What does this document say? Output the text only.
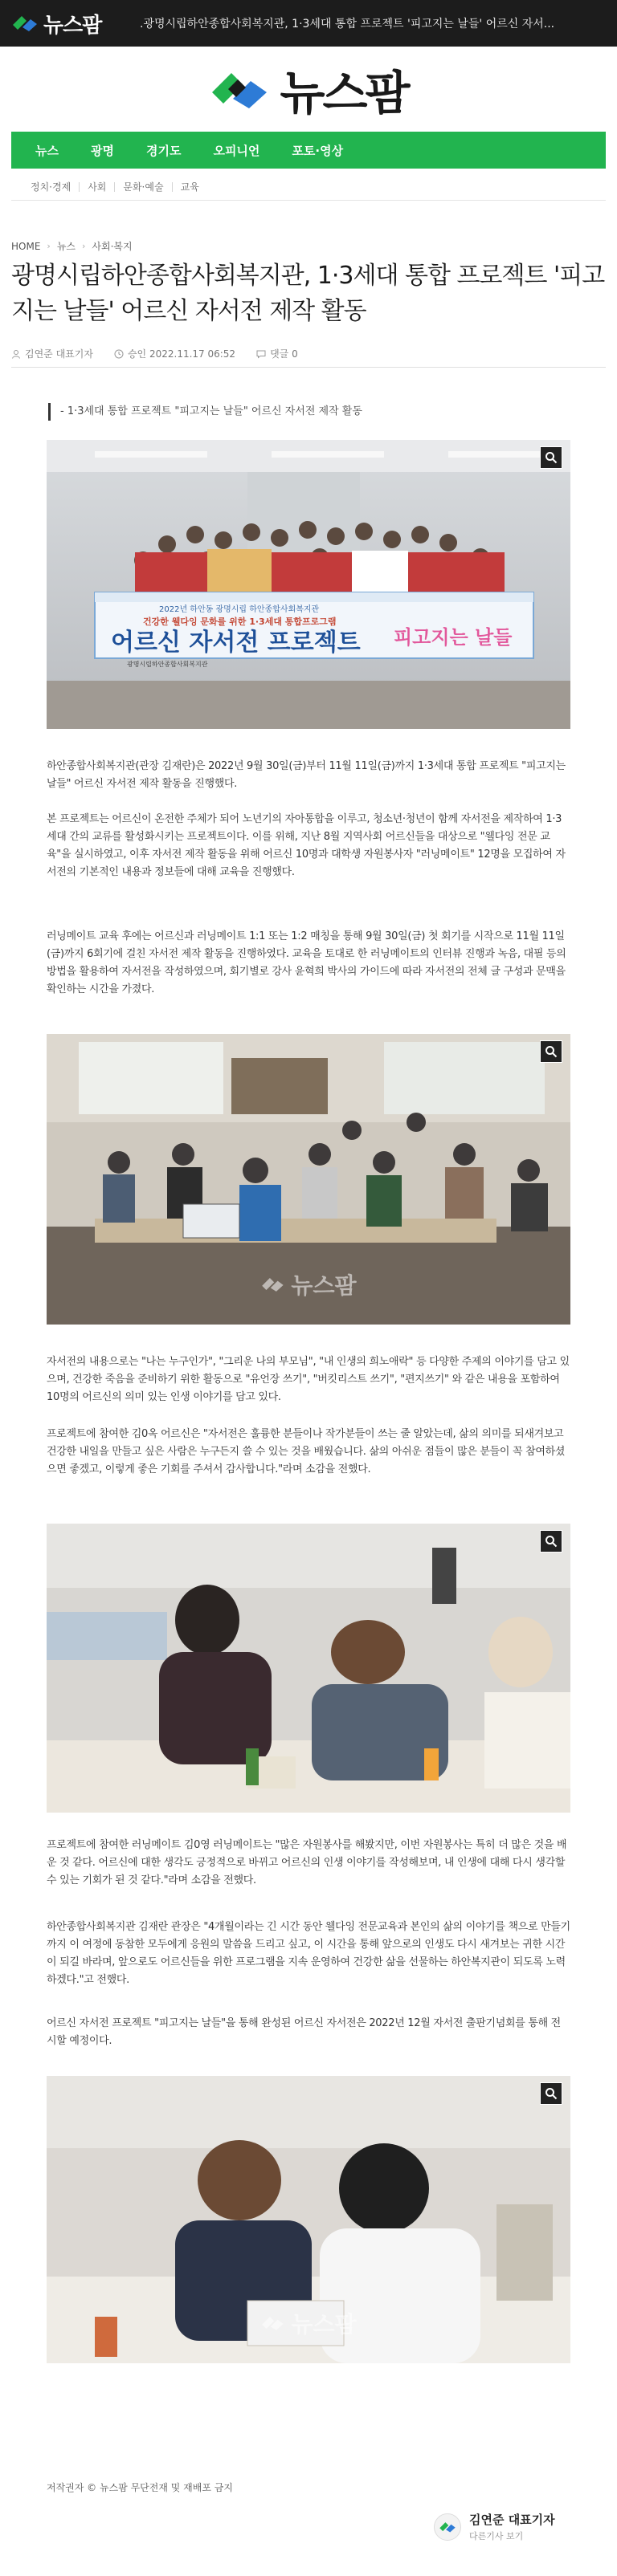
뉴스팜	.광명시립하안종합사회복지관, 1·3세대 통합 프로젝트 '피고지는 날들' 어르신 자서...
뉴스팜
뉴스	광명	경기도	오피니언	포토·영상
정치·경제	사회	문화·예술	교육
HOME › 뉴스 › 사회·복지
광명시립하안종합사회복지관, 1·3세대 통합 프로젝트 '피고지는 날들' 어르신 자서전 제작 활동
김연준 대표기자	승인 2022.11.17 06:52	댓글 0
- 1·3세대 통합 프로젝트 "피고지는 날들" 어르신 자서전 제작 활동
2022년 하안동 광명시립 하안종합사회복지관
건강한 웰다잉 문화를 위한 1·3세대 통합프로그램
어르신 자서전 프로젝트 피고지는 날들
광명시립하안종합사회복지관
하안종합사회복지관(관장 김재란)은 2022년 9월 30일(금)부터 11월 11일(금)까지 1·3세대 통합 프로젝트 "피고지는 날들" 어르신 자서전 제작 활동을 진행했다.
본 프로젝트는 어르신이 온전한 주체가 되어 노년기의 자아통합을 이루고, 청소년·청년이 함께 자서전을 제작하여 1·3세대 간의 교류를 활성화시키는 프로젝트이다. 이를 위해, 지난 8월 지역사회 어르신들을 대상으로 "웰다잉 전문 교육"을 실시하였고, 이후 자서전 제작 활동을 위해 어르신 10명과 대학생 자원봉사자 "러닝메이트" 12명을 모집하여 자서전의 기본적인 내용과 정보들에 대해 교육을 진행했다.
러닝메이트 교육 후에는 어르신과 러닝메이트 1:1 또는 1:2 매칭을 통해 9월 30일(금) 첫 회기를 시작으로 11월 11일(금)까지 6회기에 걸친 자서전 제작 활동을 진행하였다. 교육을 토대로 한 러닝메이트의 인터뷰 진행과 녹음, 대필 등의 방법을 활용하여 자서전을 작성하였으며, 회기별로 강사 윤혁희 박사의 가이드에 따라 자서전의 전체 글 구성과 문맥을 확인하는 시간을 가졌다.
뉴스팜
자서전의 내용으로는 "나는 누구인가", "그리운 나의 부모님", "내 인생의 희노애락" 등 다양한 주제의 이야기를 담고 있으며, 건강한 죽음을 준비하기 위한 활동으로 "유언장 쓰기", "버킷리스트 쓰기", "편지쓰기" 와 같은 내용을 포함하여 10명의 어르신의 의미 있는 인생 이야기를 담고 있다.
프로젝트에 참여한 김0옥 어르신은 "자서전은 훌륭한 분들이나 작가분들이 쓰는 줄 알았는데, 삶의 의미를 되새겨보고 건강한 내일을 만들고 싶은 사람은 누구든지 쓸 수 있는 것을 배웠습니다. 삶의 아쉬운 점들이 많은 분들이 꼭 참여하셨으면 좋겠고, 이렇게 좋은 기회를 주셔서 감사합니다."라며 소감을 전했다.
프로젝트에 참여한 러닝메이트 김0영 러닝메이트는 "많은 자원봉사를 해봤지만, 이번 자원봉사는 특히 더 많은 것을 배운 것 같다. 어르신에 대한 생각도 긍정적으로 바뀌고 어르신의 인생 이야기를 작성해보며, 내 인생에 대해 다시 생각할 수 있는 기회가 된 것 같다."라며 소감을 전했다.
하안종합사회복지관 김재란 관장은 "4개월이라는 긴 시간 동안 웰다잉 전문교육과 본인의 삶의 이야기를 책으로 만들기까지 이 여정에 동참한 모두에게 응원의 말씀을 드리고 싶고, 이 시간을 통해 앞으로의 인생도 다시 새겨보는 귀한 시간이 되길 바라며, 앞으로도 어르신들을 위한 프로그램을 지속 운영하여 건강한 삶을 선물하는 하안복지관이 되도록 노력하겠다."고 전했다.
어르신 자서전 프로젝트 "피고지는 날들"을 통해 완성된 어르신 자서전은 2022년 12월 자서전 출판기념회를 통해 전시할 예정이다.
뉴스팜
저작권자 © 뉴스팜 무단전재 및 재배포 금지
김연준 대표기자
다른기사 보기
